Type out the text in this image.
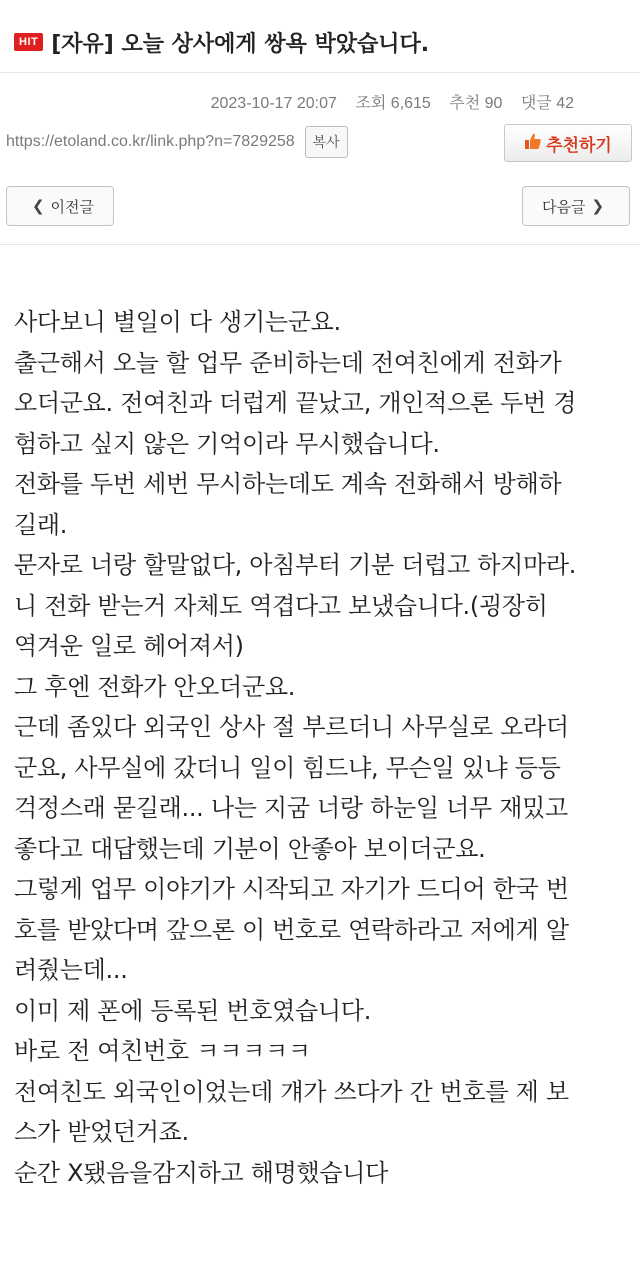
HIT [자유] 오늘 상사에게 쌍욕 박았습니다.
2023-10-17 20:07 조회 6,615 추천 90 댓글 42
https://etoland.co.kr/link.php?n=7829258	복사	추천하기
❮ 이전글	다음글 ❯

사다보니 별일이 다 생기는군요.

출근해서 오늘 할 업무 준비하는데 전여친에게 전화가

오더군요. 전여친과 더럽게 끝났고, 개인적으론 두번 경

험하고 싶지 않은 기억이라 무시했습니다.

전화를 두번 세번 무시하는데도 계속 전화해서 방해하

길래.

문자로 너랑 할말없다, 아침부터 기분 더럽고 하지마라.

니 전화 받는거 자체도 역겹다고 보냈습니다.(굉장히

역겨운 일로 헤어져서)

그 후엔 전화가 안오더군요.

근데 좀있다 외국인 상사 절 부르더니 사무실로 오라더

군요, 사무실에 갔더니 일이 힘드냐, 무슨일 있냐 등등

걱정스래 묻길래... 나는 지굼 너랑 하눈일 너무 재밌고

좋다고 대답했는데 기분이 안좋아 보이더군요.

그렇게 업무 이야기가 시작되고 자기가 드디어 한국 번

호를 받았다며 갚으론 이 번호로 연락하라고 저에게 알

려줬는데...

이미 제 폰에 등록된 번호였습니다.

바로 전 여친번호 ㅋㅋㅋㅋㅋ

전여친도 외국인이었는데 걔가 쓰다가 간 번호를 제 보

스가 받었던거죠.

순간 X됐음을감지하고 해명했습니다
